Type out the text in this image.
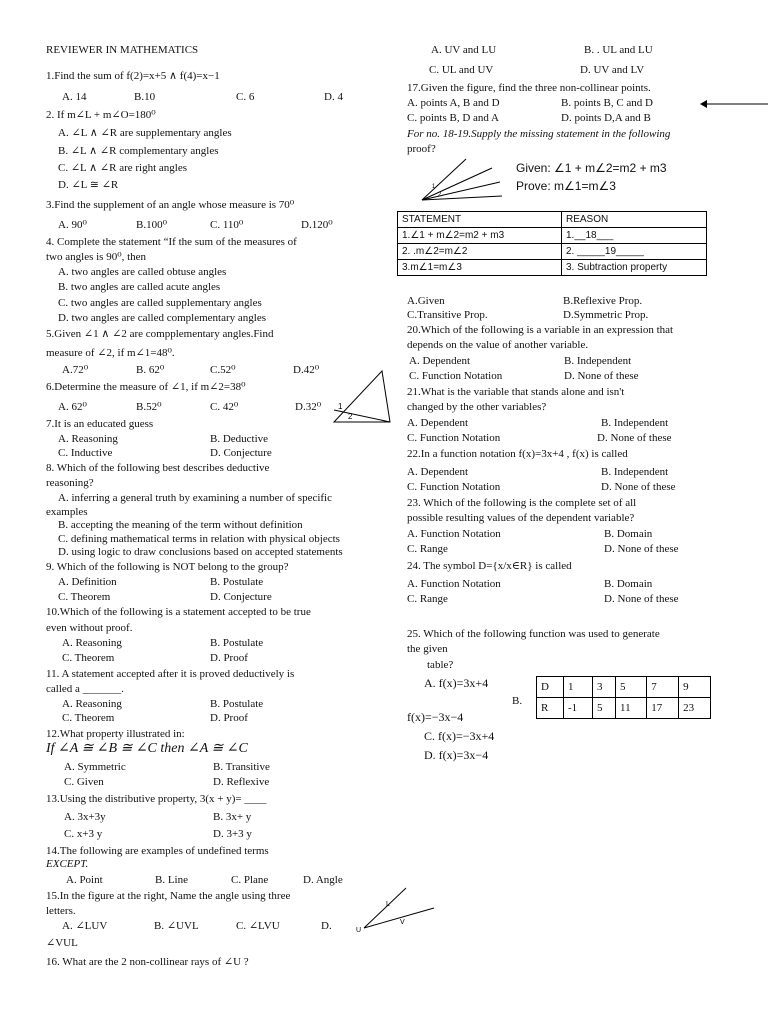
REVIEWER IN MATHEMATICS
1.Find the sum of f(2)=x+5 ∧ f(4)=x−1
A. 14	B.10	C. 6	D. 4
2. If m∠L + m∠O=180⁰
A. ∠L ∧ ∠R are supplementary angles
B. ∠L ∧ ∠R complementary angles
C. ∠L ∧ ∠R are right angles
D. ∠L ≅ ∠R
3.Find the supplement of an angle whose measure is 70⁰
A. 90⁰	B.100⁰	C. 110⁰	D.120⁰
4. Complete the statement “If the sum of the measures of
two angles is 90⁰, then
A. two angles are called obtuse angles
B. two angles are called acute angles
C. two angles are called supplementary angles
D. two angles are called complementary angles
5.Given ∠1 ∧ ∠2 are compplementary angles.Find
measure of ∠2, if m∠1=48⁰.
A.72⁰	B. 62⁰	C.52⁰	D.42⁰
6.Determine the measure of ∠1, if m∠2=38⁰
A. 62⁰	B.52⁰	C. 42⁰	D.32⁰
7.It is an educated guess
A. Reasoning	B. Deductive
C. Inductive	D. Conjecture
8. Which of the following best describes deductive
reasoning?
A. inferring a general truth by examining a number of specific
examples
B. accepting the meaning of the term without definition
C. defining mathematical terms in relation with physical objects
D. using logic to draw conclusions based on accepted statements
9. Which of the following is NOT belong to the group?
A. Definition	B. Postulate
C. Theorem	D. Conjecture
10.Which of the following is a statement accepted to be true
even without proof.
A. Reasoning	B. Postulate
C. Theorem	D. Proof
11. A statement accepted after it is proved deductively is
called a _______.
A. Reasoning	B. Postulate
C. Theorem	D. Proof
12.What property illustrated in:
If ∠A ≅ ∠B ≅ ∠C then ∠A ≅ ∠C
A. Symmetric	B. Transitive
C. Given	D. Reflexive
13.Using the distributive property, 3(x + y)= ____
A. 3x+3y	B. 3x+ y
C. x+3 y	D. 3+3 y
14.The following are examples of undefined terms
EXCEPT.
A. Point	B. Line	C. Plane	D. Angle
15.In the figure at the right, Name the angle using three
letters.
A. ∠LUV	B. ∠UVL	C. ∠LVU	D.
∠VUL
16. What are the 2 non-collinear rays of ∠U ?
1
2
U
L
V
A. UV and LU	B. . UL and LU
C. UL and UV	D. UV and LV
17.Given the figure, find the three non-collinear points.
A. points A, B and D	B. points B, C and D
C. points B, D and A	D. points D,A and B
For no. 18-19.Supply the missing statement in the following
proof?
Given: ∠1 + m∠2=m2 + m3
Prove: m∠1=m∠3
1
2
STATEMENT	REASON
1.∠1 + m∠2=m2 + m3	1.__18___
2. .m∠2=m∠2	2. _____19_____
3.m∠1=m∠3	3. Subtraction property
A.Given	B.Reflexive Prop.
C.Transitive Prop.	D.Symmetric Prop.
20.Which of the following is a variable in an expression that
depends on the value of another variable.
A. Dependent	B. Independent
C. Function Notation	D. None of these
21.What is the variable that stands alone and isn't
changed by the other variables?
A. Dependent	B. Independent
C. Function Notation	D. None of these
22.In a function notation f(x)=3x+4 , f(x) is called
A. Dependent	B. Independent
C. Function Notation	D. None of these
23. Which of the following is the complete set of all
possible resulting values of the dependent variable?
A. Function Notation	B. Domain
C. Range	D. None of these
24. The symbol D={x/x∈R} is called
A. Function Notation	B. Domain
C. Range	D. None of these
25. Which of the following function was used to generate
the given
table?
A. f(x)=3x+4
B.
f(x)=−3x−4
C. f(x)=−3x+4
D. f(x)=3x−4
D	1	3	5	7	9
R	-1	5	11	17	23
